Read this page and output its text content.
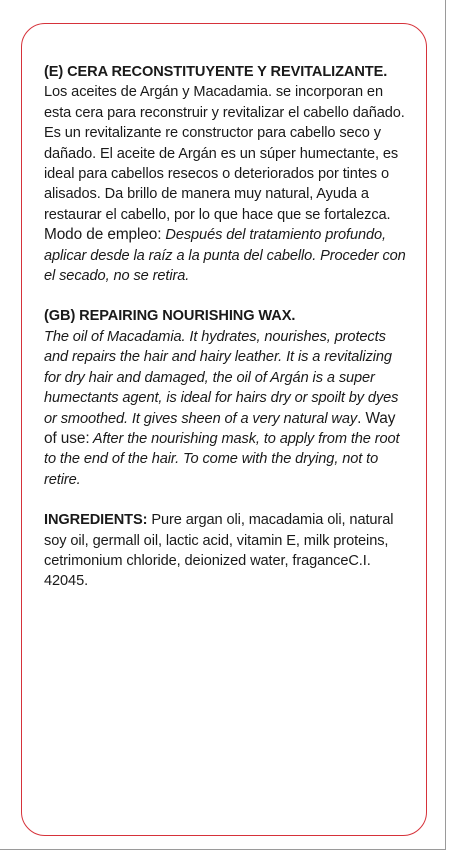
(E) CERA RECONSTITUYENTE Y REVITALIZANTE.
Los aceites de Argán y Macadamia. se incorporan en esta cera para reconstruir y revitalizar el cabello dañado. Es un revitalizante re constructor para cabello seco y dañado. El aceite de Argán es un súper humectante, es ideal para cabellos resecos o deteriorados por tintes o alisados. Da brillo de manera muy natural, Ayuda a restaurar el cabello, por lo que hace que se fortalezca. Modo de empleo: Después del tratamiento profundo, aplicar desde la raíz a la punta del cabello. Proceder con el secado, no se retira.
(GB) REPAIRING NOURISHING WAX.
The oil of Macadamia. It hydrates, nourishes, protects and repairs the hair and hairy leather. It is a revitalizing for dry hair and damaged, the oil of Argán is a super humectants agent, is ideal for hairs dry or spoilt by dyes or smoothed. It gives sheen of a very natural way. Way of use: After the nourishing mask, to apply from the root to the end of the hair. To come with the drying, not to retire.
INGREDIENTS: Pure argan oli, macadamia oli, natural soy oil, germall oil, lactic acid, vitamin E, milk proteins, cetrimonium chloride, deionized water, fraganceC.I. 42045.
